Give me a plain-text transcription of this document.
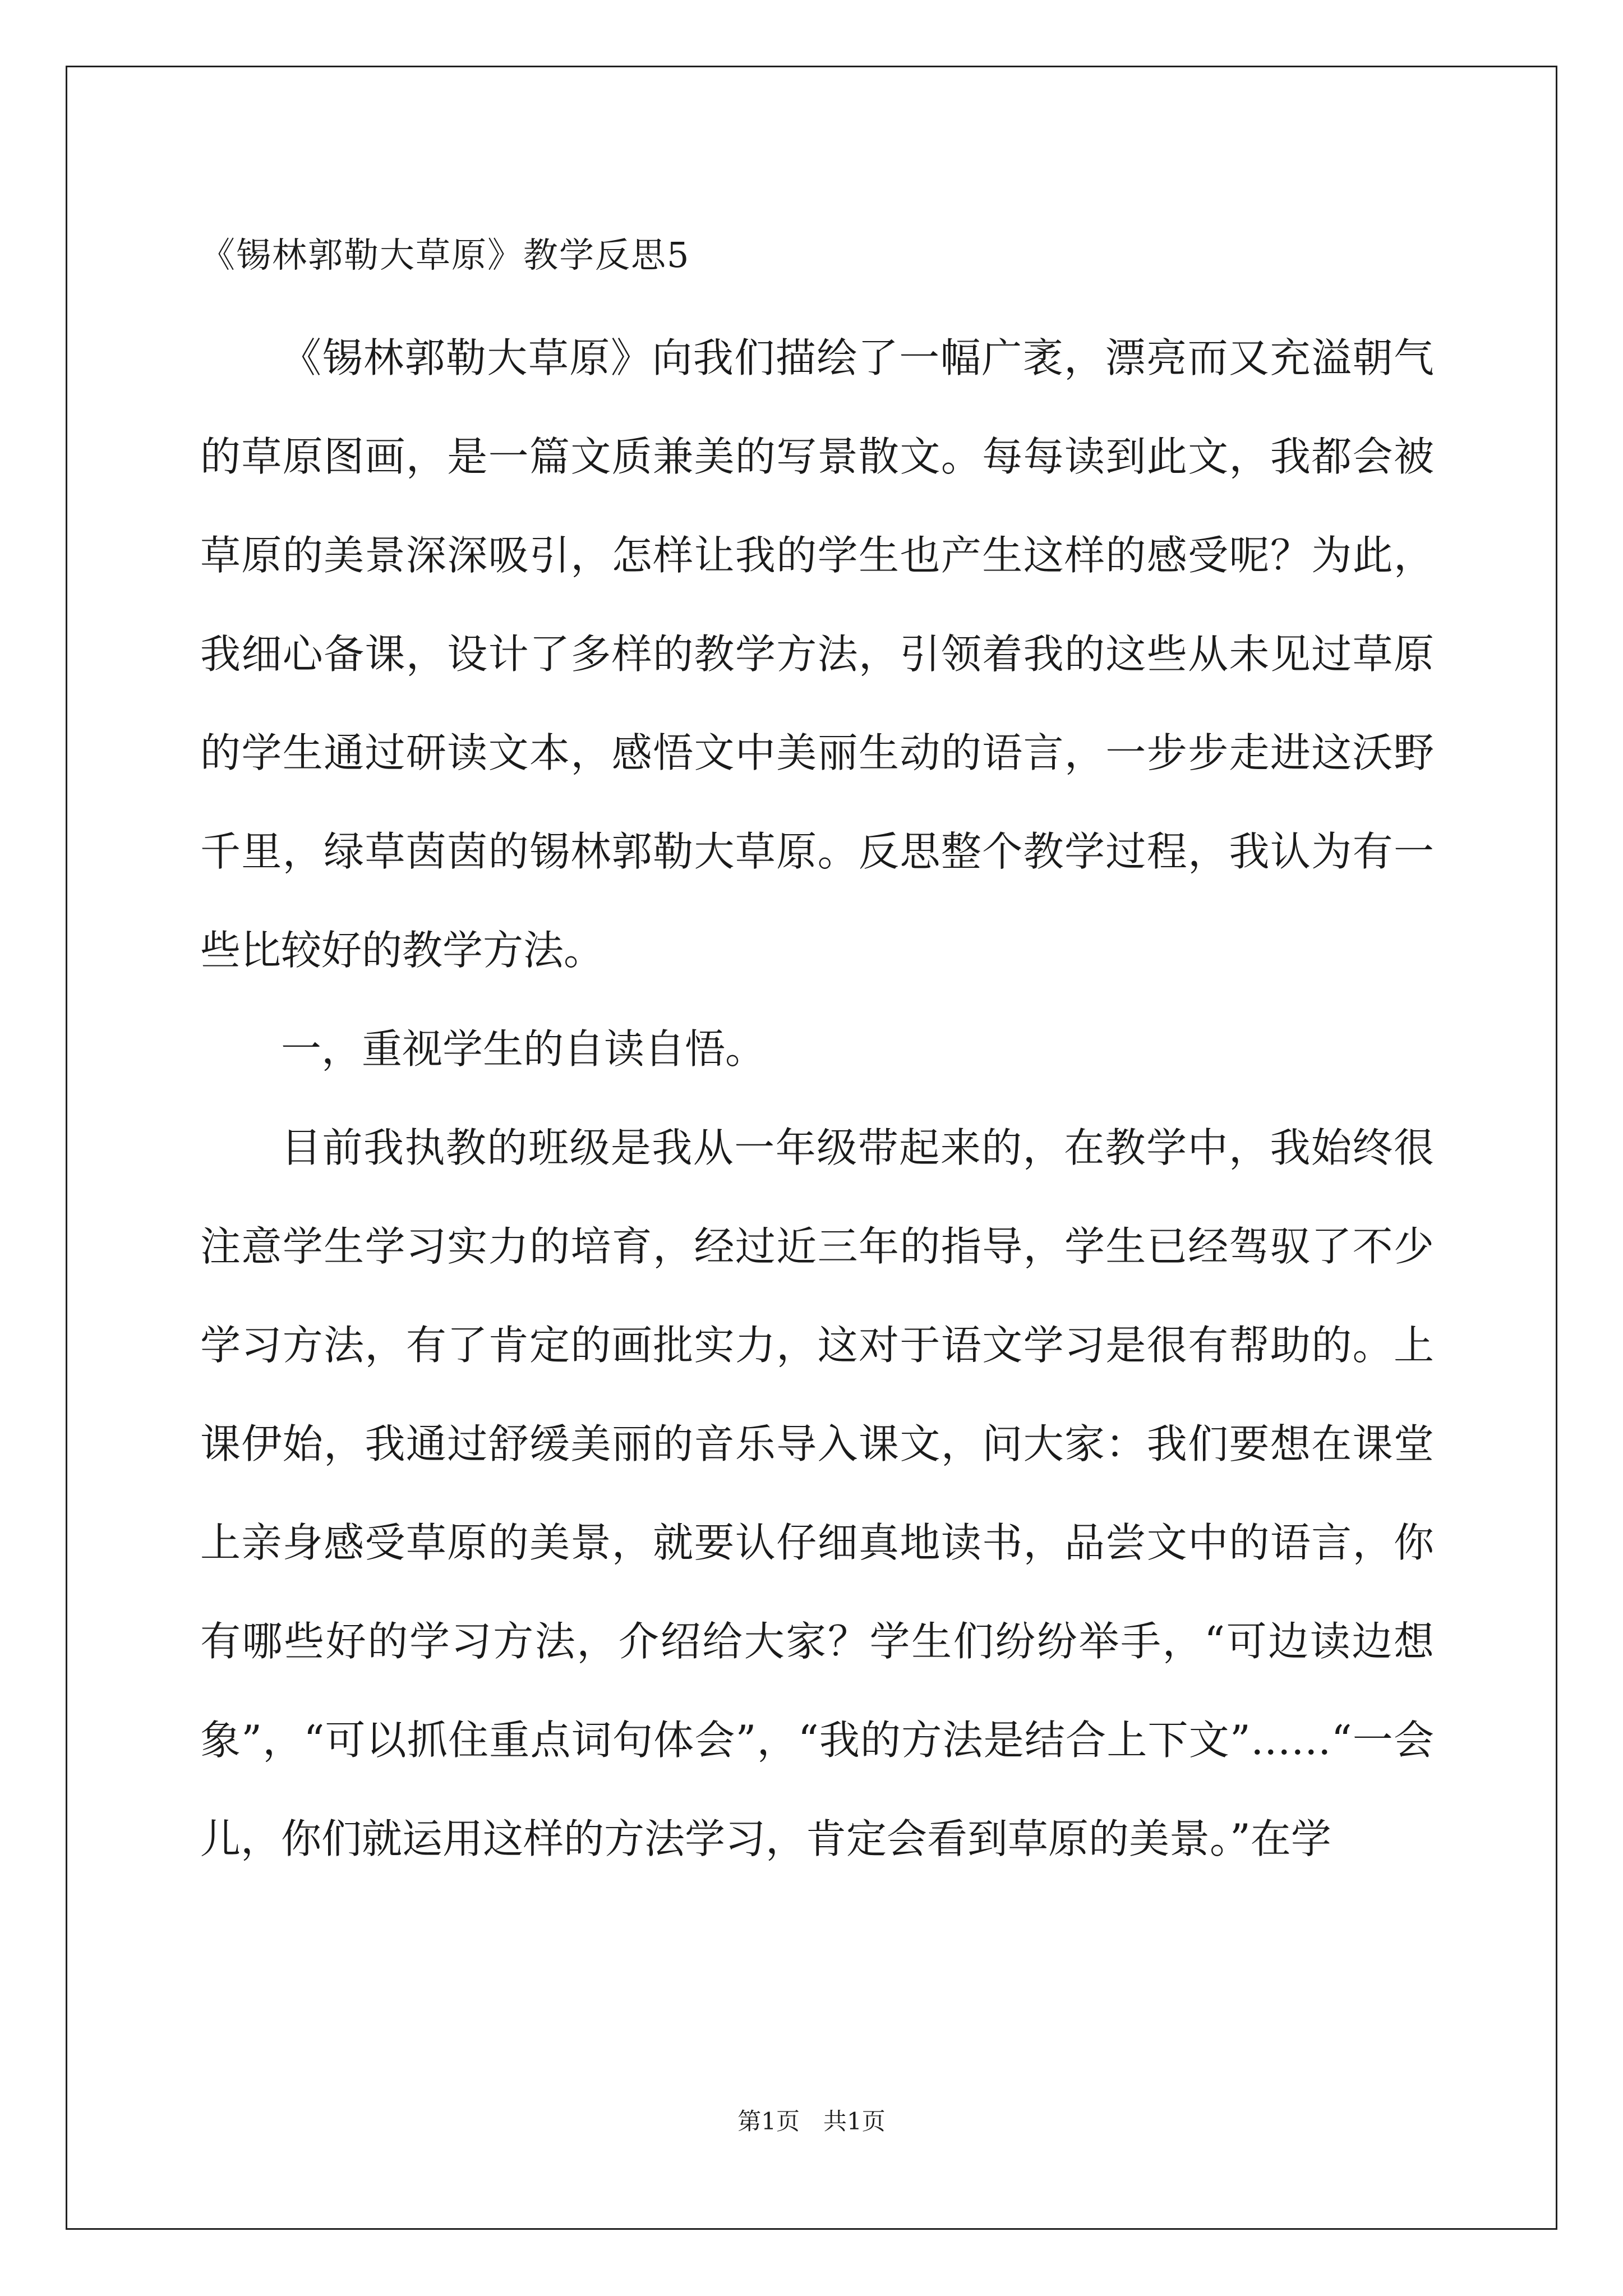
《锡林郭勒大草原》教学反思5

《锡林郭勒大草原》向我们描绘了一幅广袤，漂亮而又充溢朝气的草原图画，是一篇文质兼美的写景散文。每每读到此文，我都会被草原的美景深深吸引，怎样让我的学生也产生这样的感受呢？为此，我细心备课，设计了多样的教学方法，引领着我的这些从未见过草原的学生通过研读文本，感悟文中美丽生动的语言，一步步走进这沃野千里，绿草茵茵的锡林郭勒大草原。反思整个教学过程，我认为有一些比较好的教学方法。

一，重视学生的自读自悟。

目前我执教的班级是我从一年级带起来的，在教学中，我始终很注意学生学习实力的培育，经过近三年的指导，学生已经驾驭了不少学习方法，有了肯定的画批实力，这对于语文学习是很有帮助的。上课伊始，我通过舒缓美丽的音乐导入课文，问大家：我们要想在课堂上亲身感受草原的美景，就要认仔细真地读书，品尝文中的语言，你有哪些好的学习方法，介绍给大家？学生们纷纷举手，“可边读边想象”，“可以抓住重点词句体会”，“我的方法是结合上下文”……“一会儿，你们就运用这样的方法学习，肯定会看到草原的美景。”在学

第1页　共1页
